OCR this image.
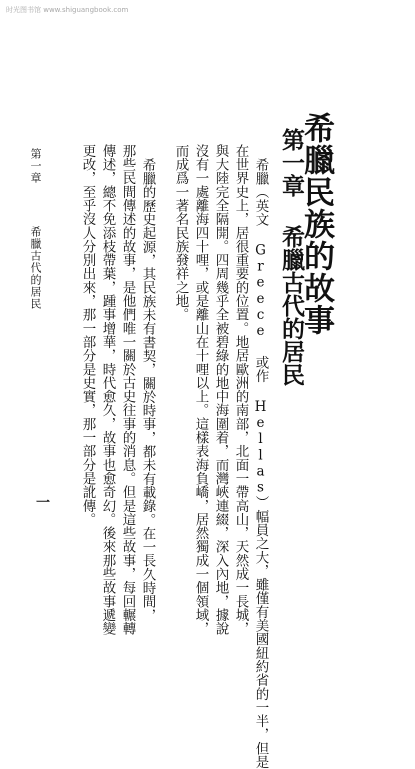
时光图书馆 www.shiguangbook.com
希臘民族的故事
第一章
希臘古代的居民
希臘（英文 Greece 或作 Hellas）幅員之大，雖僅有美國紐約省的一半，但是
在世界史上，居很重要的位置。地居歐洲的南部，北面一帶高山，天然成一長城，
與大陸完全隔開。四周幾乎全被碧綠的地中海圍着，而灣峽連綴，深入內地，據說
沒有一處離海四十哩，或是離山在十哩以上。這樣表海負嶠，居然獨成一個領域，
而成爲一著名民族發祥之地。
希臘的歷史起源，其民族未有書契，關於時事，都未有載錄。在一長久時間，
那些民間傳述的故事，是他們唯一關於古史往事的消息。但是這些故事，每回輾轉
傳述，總不免添枝帶葉，踵事增華，時代愈久，故事也愈奇幻。後來那些故事遞變
更改，至乎沒人分別出來，那一部分是史實，那一部分是訛傳。
第一章  希臘古代的居民
一
